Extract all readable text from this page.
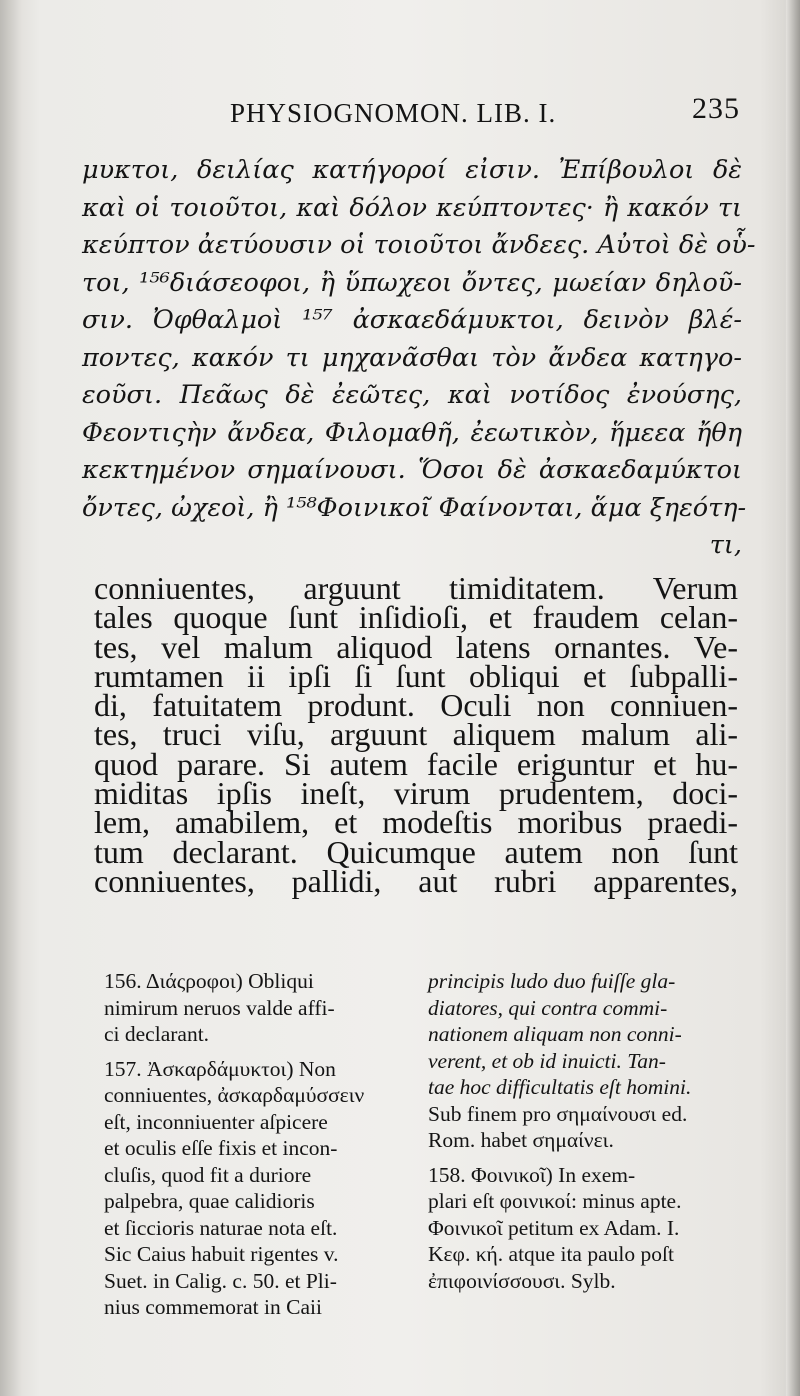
PHYSIOGNOMON. LIB. I.	235
μυκτοι, δειλίας κατήγοροί εἰσιν. Ἐπίβουλοι δὲ
καὶ οἱ τοιοῦτοι, καὶ δόλον κεύπτοντες· ἢ κακόν τι
κεύπτον ἀετύουσιν οἱ τοιοῦτοι ἄνδεες. Αὐτοὶ δὲ οὗ-
τοι, ¹⁵⁶διάσεοφοι, ἢ ὕπωχεοι ὄντες, μωείαν δηλοῦ-
σιν. Ὀφθαλμοὶ ¹⁵⁷ ἀσκαεδάμυκτοι, δεινὸν βλέ-
ποντες, κακόν τι μηχανᾶσθαι τὸν ἄνδεα κατηγο-
εοῦσι. Πεᾶως δὲ ἐεῶτες, καὶ νοτίδος ἐνούσης,
Φεοντιςὴν ἄνδεα, Φιλομαθῆ, ἐεωτικὸν, ἥμεεα ἤθη
κεκτημένον σημαίνουσι. Ὅσοι δὲ ἀσκαεδαμύκτοι
ὄντες, ὠχεοὶ, ἢ ¹⁵⁸Φοινικοῖ Φαίνονται, ἅμα ξηεότη-
τι,
conniuentes, arguunt timiditatem. Verum
tales quoque ſunt inſidioſi, et fraudem celan-
tes, vel malum aliquod latens ornantes. Ve-
rumtamen ii ipſi ſi ſunt obliqui et ſubpalli-
di, fatuitatem produnt. Oculi non conniuen-
tes, truci viſu, arguunt aliquem malum ali-
quod parare. Si autem facile eriguntur et hu-
miditas ipſis ineſt, virum prudentem, doci-
lem, amabilem, et modeſtis moribus praedi-
tum declarant. Quicumque autem non ſunt
conniuentes, pallidi, aut rubri apparentes,
156. Διάςροφοι) Obliqui
nimirum neruos valde affi-
ci declarant.
157. Ἀσκαρδάμυκτοι) Non
conniuentes, ἀσκαρδαμύσσειν
eſt, inconniuenter aſpicere
et oculis eſſe fixis et incon-
cluſis, quod fit a duriore
palpebra, quae calidioris
et ſiccioris naturae nota eſt.
Sic Caius habuit rigentes v.
Suet. in Calig. c. 50. et Pli-
nius commemorat in Caii
principis ludo duo fuiſſe gla-
diatores, qui contra commi-
nationem aliquam non conni-
verent, et ob id inuicti. Tan-
tae hoc difficultatis eſt homini.
Sub finem pro σημαίνουσι ed.
Rom. habet σημαίνει.
158. Φοινικοῖ) In exem-
plari eſt φοινικοί: minus apte.
Φοινικοῖ petitum ex Adam. I.
Κεφ. κή. atque ita paulo poſt
ἐπιφοινίσσουσι. Sylb.
